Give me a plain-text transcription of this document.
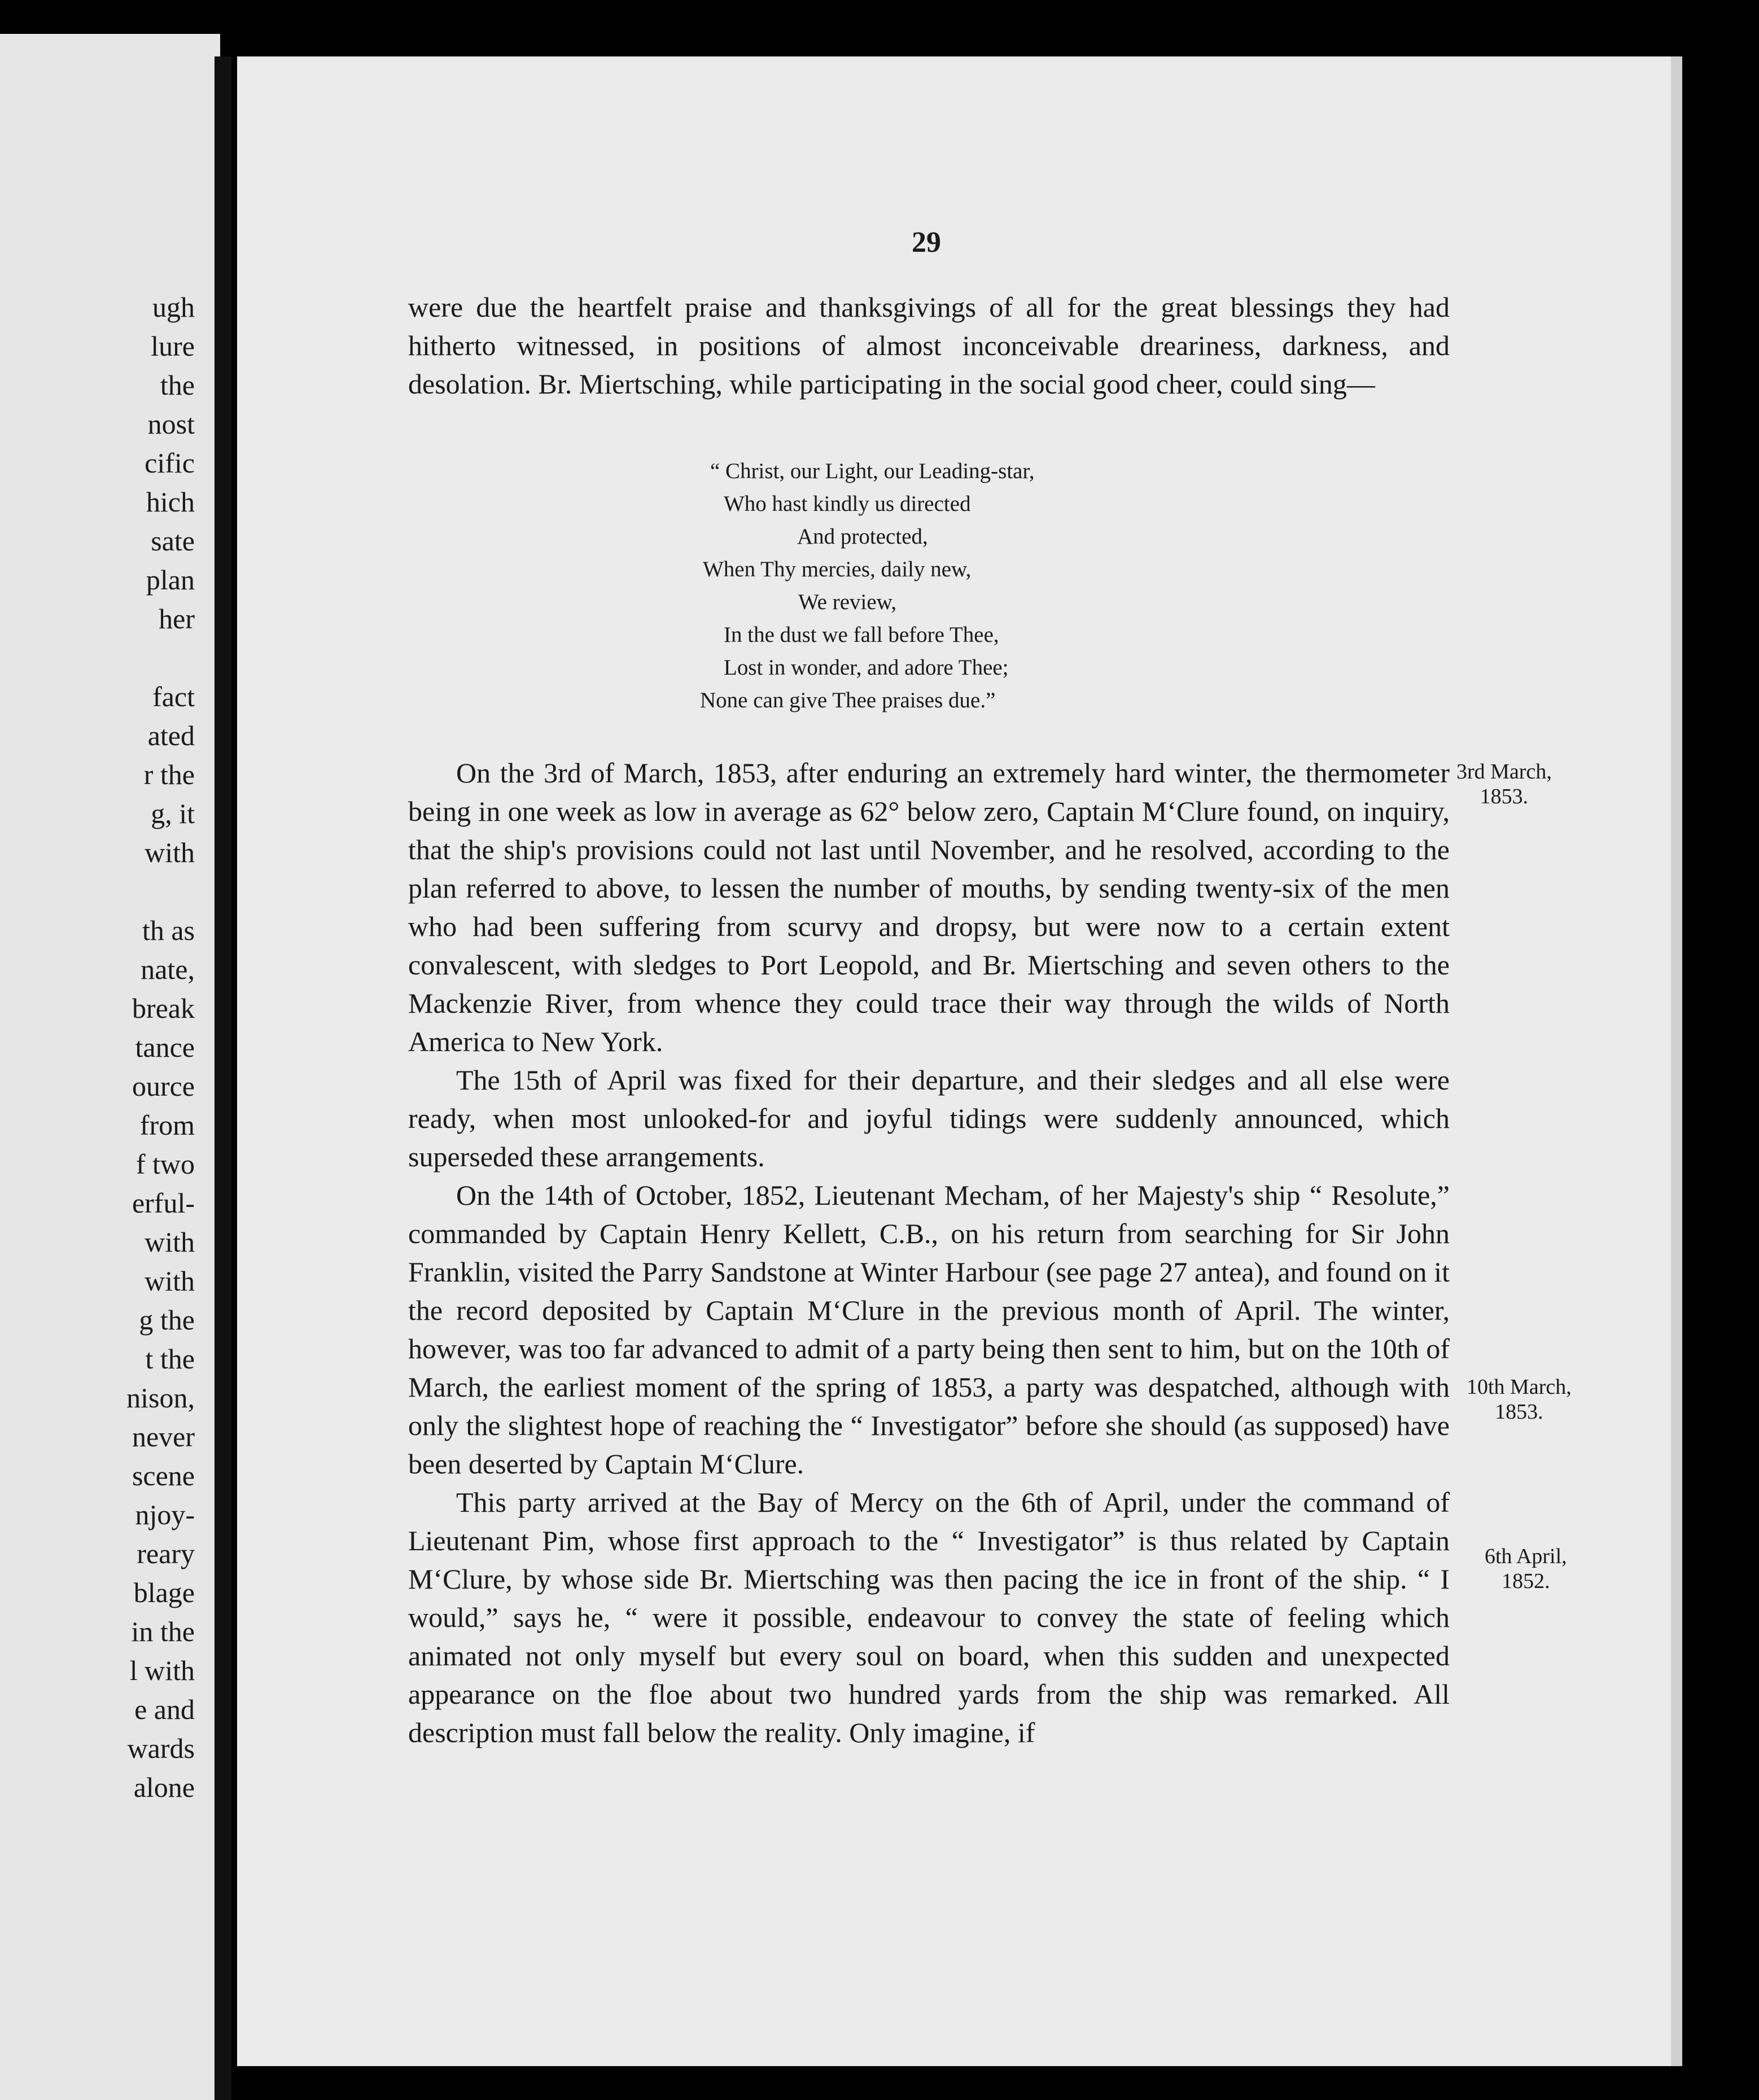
ugh
lure
the
nost
cific
hich
sate
plan
her
fact
ated
r the
g, it
with
th as
nate,
break
tance
ource
from
f two
erful-
with
with
g the
t the
nison,
never
scene
njoy-
reary
blage
in the
l with
e and
wards
alone
29

were due the heartfelt praise and thanksgivings of all for the great blessings they had hitherto witnessed, in positions of almost inconceivable dreariness, darkness, and desolation. Br. Miertsching, while participating in the social good cheer, could sing—

“ Christ, our Light, our Leading-star,
Who hast kindly us directed
And protected,
When Thy mercies, daily new,
We review,
In the dust we fall before Thee,
Lost in wonder, and adore Thee;
None can give Thee praises due.”

On the 3rd of March, 1853, after enduring an extremely hard winter, the thermometer being in one week as low in average as 62° below zero, Captain M‘Clure found, on inquiry, that the ship's provisions could not last until November, and he resolved, according to the plan referred to above, to lessen the number of mouths, by sending twenty-six of the men who had been suffering from scurvy and dropsy, but were now to a certain extent convalescent, with sledges to Port Leopold, and Br. Miertsching and seven others to the Mackenzie River, from whence they could trace their way through the wilds of North America to New York.

The 15th of April was fixed for their departure, and their sledges and all else were ready, when most unlooked-for and joyful tidings were suddenly announced, which superseded these arrangements.

On the 14th of October, 1852, Lieutenant Mecham, of her Majesty's ship “ Resolute,” commanded by Captain Henry Kellett, C.B., on his return from searching for Sir John Franklin, visited the Parry Sandstone at Winter Harbour (see page 27 antea), and found on it the record deposited by Captain M‘Clure in the previous month of April. The winter, however, was too far advanced to admit of a party being then sent to him, but on the 10th of March, the earliest moment of the spring of 1853, a party was despatched, although with only the slightest hope of reaching the “ Investigator” before she should (as supposed) have been deserted by Captain M‘Clure.

This party arrived at the Bay of Mercy on the 6th of April, under the command of Lieutenant Pim, whose first approach to the “ Investigator” is thus related by Captain M‘Clure, by whose side Br. Miertsching was then pacing the ice in front of the ship. “ I would,” says he, “ were it possible, endeavour to convey the state of feeling which animated not only myself but every soul on board, when this sudden and unexpected appearance on the floe about two hundred yards from the ship was remarked. All description must fall below the reality. Only imagine, if

3rd March,
1853.
10th March,
1853.
6th April,
1852.
